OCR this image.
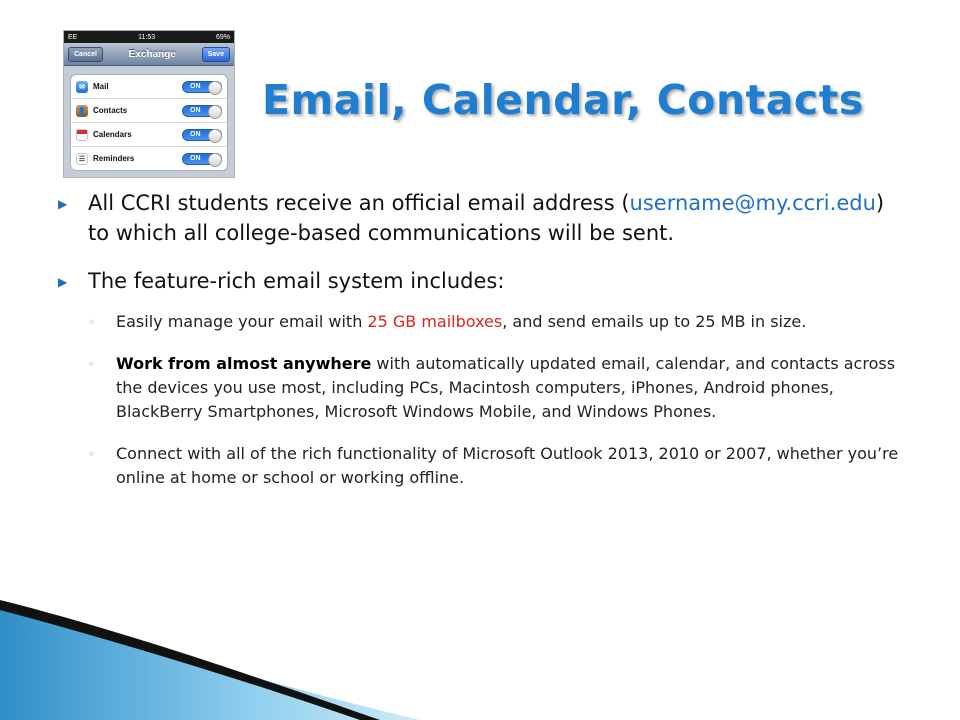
EE	11:53	69%
Cancel	Exchange	Save
✉	Mail	ON
👤 Contacts	ON
Calendars	ON
☰ Reminders	ON
Email, Calendar, Contacts
▶ All CCRI students receive an official email address (username@my.ccri.edu) to which all college-based communications will be sent.
▶ The feature-rich email system includes:
◦	Easily manage your email with 25 GB mailboxes, and send emails up to 25 MB in size.
◦	Work from almost anywhere with automatically updated email, calendar, and contacts across the devices you use most, including PCs, Macintosh computers, iPhones, Android phones, BlackBerry Smartphones, Microsoft Windows Mobile, and Windows Phones.
◦	Connect with all of the rich functionality of Microsoft Outlook 2013, 2010 or 2007, whether you’re online at home or school or working offline.
